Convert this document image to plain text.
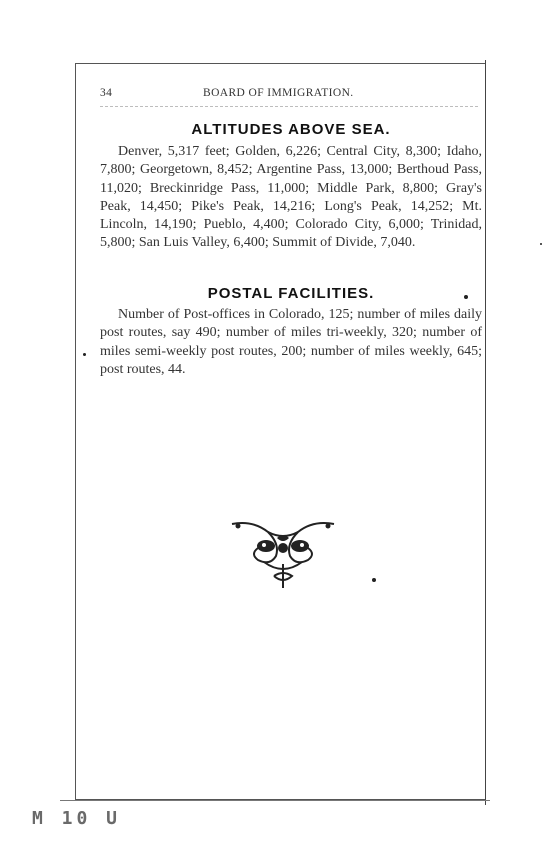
34	BOARD OF IMMIGRATION.
ALTITUDES ABOVE SEA.
Denver, 5,317 feet; Golden, 6,226; Central City, 8,300; Idaho, 7,800; Georgetown, 8,452; Argentine Pass, 13,000; Berthoud Pass, 11,020; Breckinridge Pass, 11,000; Middle Park, 8,800; Gray's Peak, 14,450; Pike's Peak, 14,216; Long's Peak, 14,252; Mt. Lincoln, 14,190; Pueblo, 4,400; Colorado City, 6,000; Trinidad, 5,800; San Luis Valley, 6,400; Summit of Divide, 7,040.
POSTAL FACILITIES.
Number of Post-offices in Colorado, 125; number of miles daily post routes, say 490; number of miles tri-weekly, 320; number of miles semi-weekly post routes, 200; number of miles weekly, 645; post routes, 44.
M 10 U
